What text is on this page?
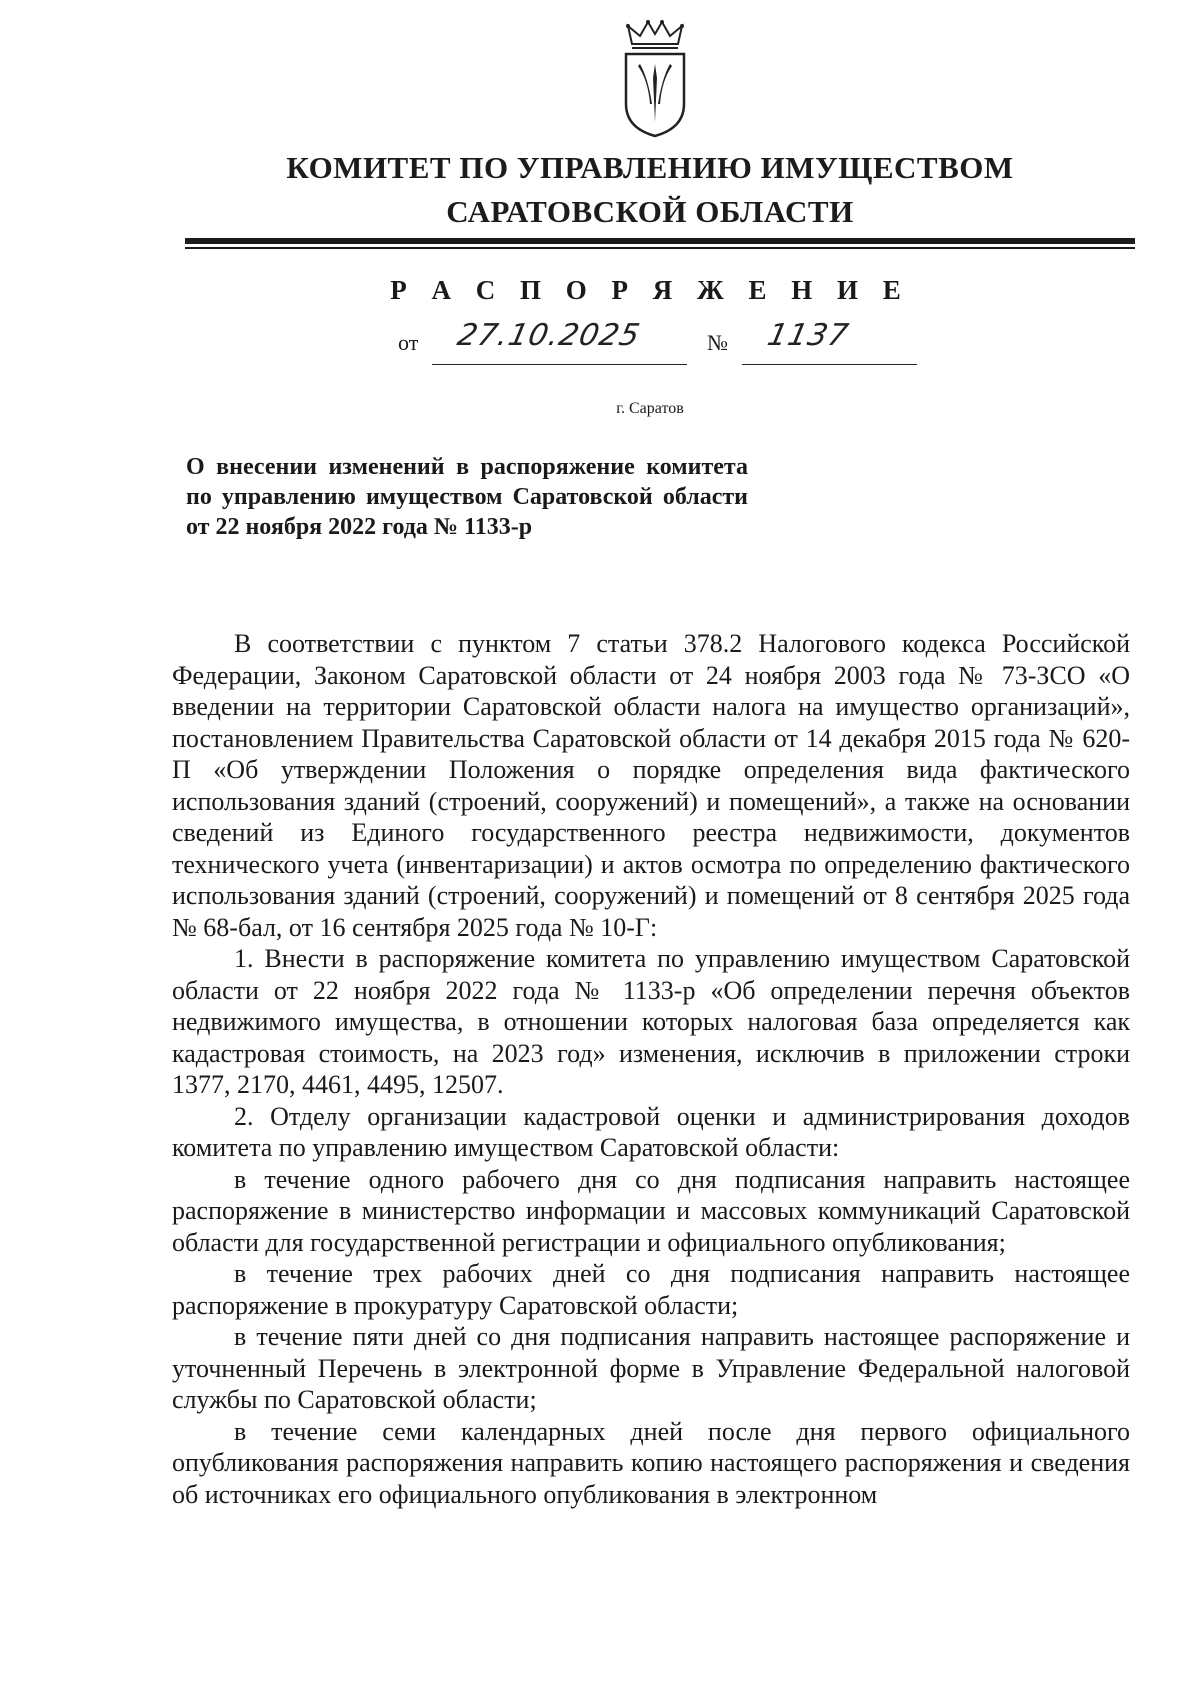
КОМИТЕТ ПО УПРАВЛЕНИЮ ИМУЩЕСТВОМ
САРАТОВСКОЙ ОБЛАСТИ
Р А С П О Р Я Ж Е Н И Е
от 27.10.2025	№ 1137
г. Саратов
О внесении изменений в распоряжение комитета по управлению имуществом Саратовской области от 22 ноября 2022 года № 1133-р

В соответствии с пунктом 7 статьи 378.2 Налогового кодекса Российской Федерации, Законом Саратовской области от 24 ноября 2003 года № 73-ЗСО «О введении на территории Саратовской области налога на имущество организаций», постановлением Правительства Саратовской области от 14 декабря 2015 года № 620-П «Об утверждении Положения о порядке определения вида фактического использования зданий (строений, сооружений) и помещений», а также на основании сведений из Единого государственного реестра недвижимости, документов технического учета (инвентаризации) и актов осмотра по определению фактического использования зданий (строений, сооружений) и помещений от 8 сентября 2025 года № 68-бал, от 16 сентября 2025 года № 10-Г:

1. Внести в распоряжение комитета по управлению имуществом Саратовской области от 22 ноября 2022 года № 1133-р «Об определении перечня объектов недвижимого имущества, в отношении которых налоговая база определяется как кадастровая стоимость, на 2023 год» изменения, исключив в приложении строки 1377, 2170, 4461, 4495, 12507.

2. Отделу организации кадастровой оценки и администрирования доходов комитета по управлению имуществом Саратовской области:

в течение одного рабочего дня со дня подписания направить настоящее распоряжение в министерство информации и массовых коммуникаций Саратовской области для государственной регистрации и официального опубликования;

в течение трех рабочих дней со дня подписания направить настоящее распоряжение в прокуратуру Саратовской области;

в течение пяти дней со дня подписания направить настоящее распоряжение и уточненный Перечень в электронной форме в Управление Федеральной налоговой службы по Саратовской области;

в течение семи календарных дней после дня первого официального опубликования распоряжения направить копию настоящего распоряжения и сведения об источниках его официального опубликования в электронном
